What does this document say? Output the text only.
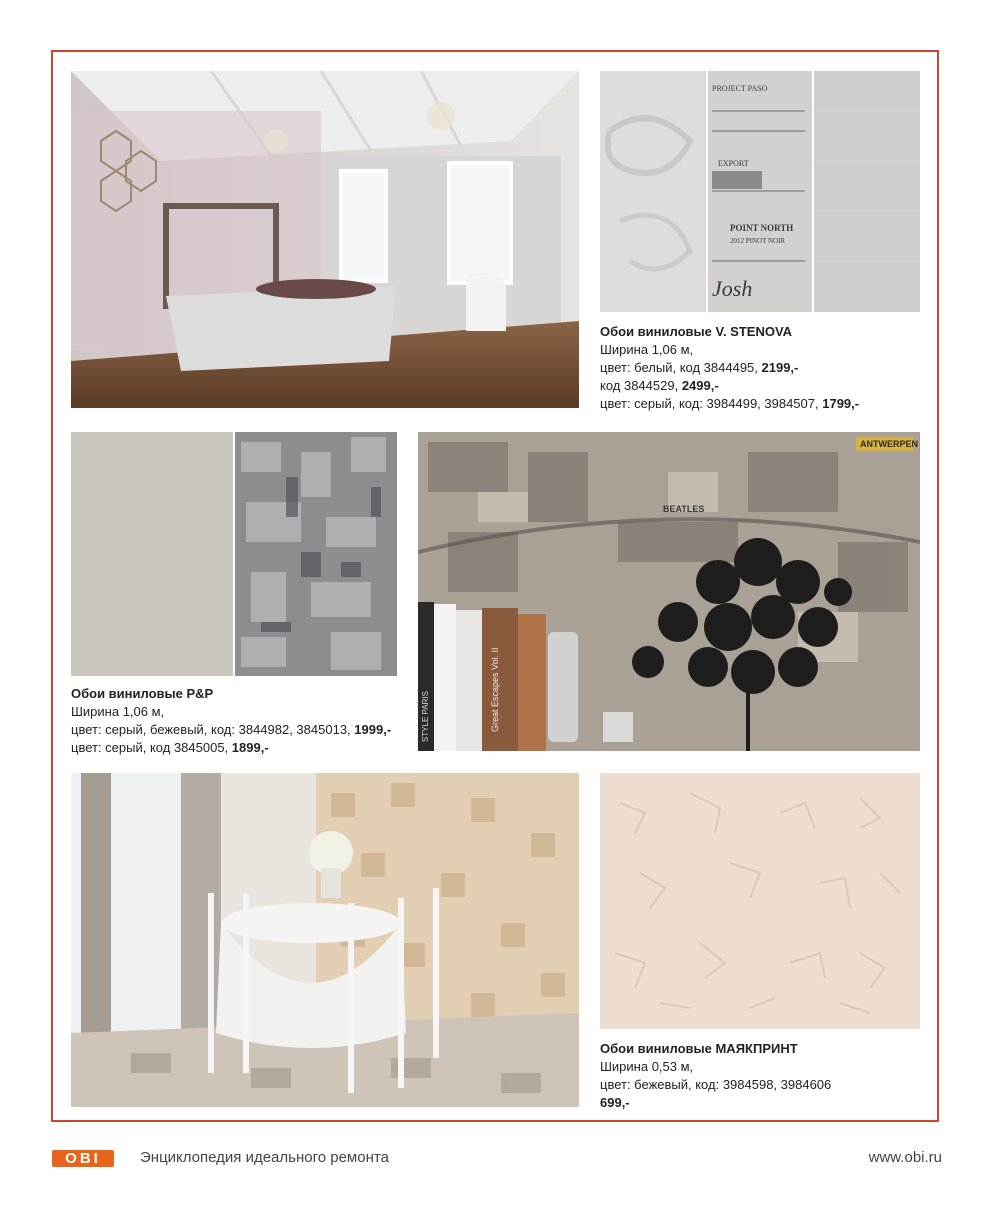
PROJECT PASO
EXPORT
POINT NORTH
2012 PINOT NOIR
Josh
Обои виниловые V. STENOVA
Ширина 1,06 м,
цвет: белый, код 3844495, 2199,-
код 3844529, 2499,-
цвет: серый, код: 3984499, 3984507, 1799,-
Обои виниловые P&P
Ширина 1,06 м,
цвет: серый, бежевый, код: 3844982, 3845013, 1999,-
цвет: серый, код 3845005, 1899,-
ANTWERPEN
BEATLES
Great Escapes Vol. II
STYLE PARIS
Обои виниловые МАЯКПРИНТ
Ширина 0,53 м,
цвет: бежевый, код: 3984598, 3984606
699,-
OBI	Энциклопедия идеального ремонта	www.obi.ru
